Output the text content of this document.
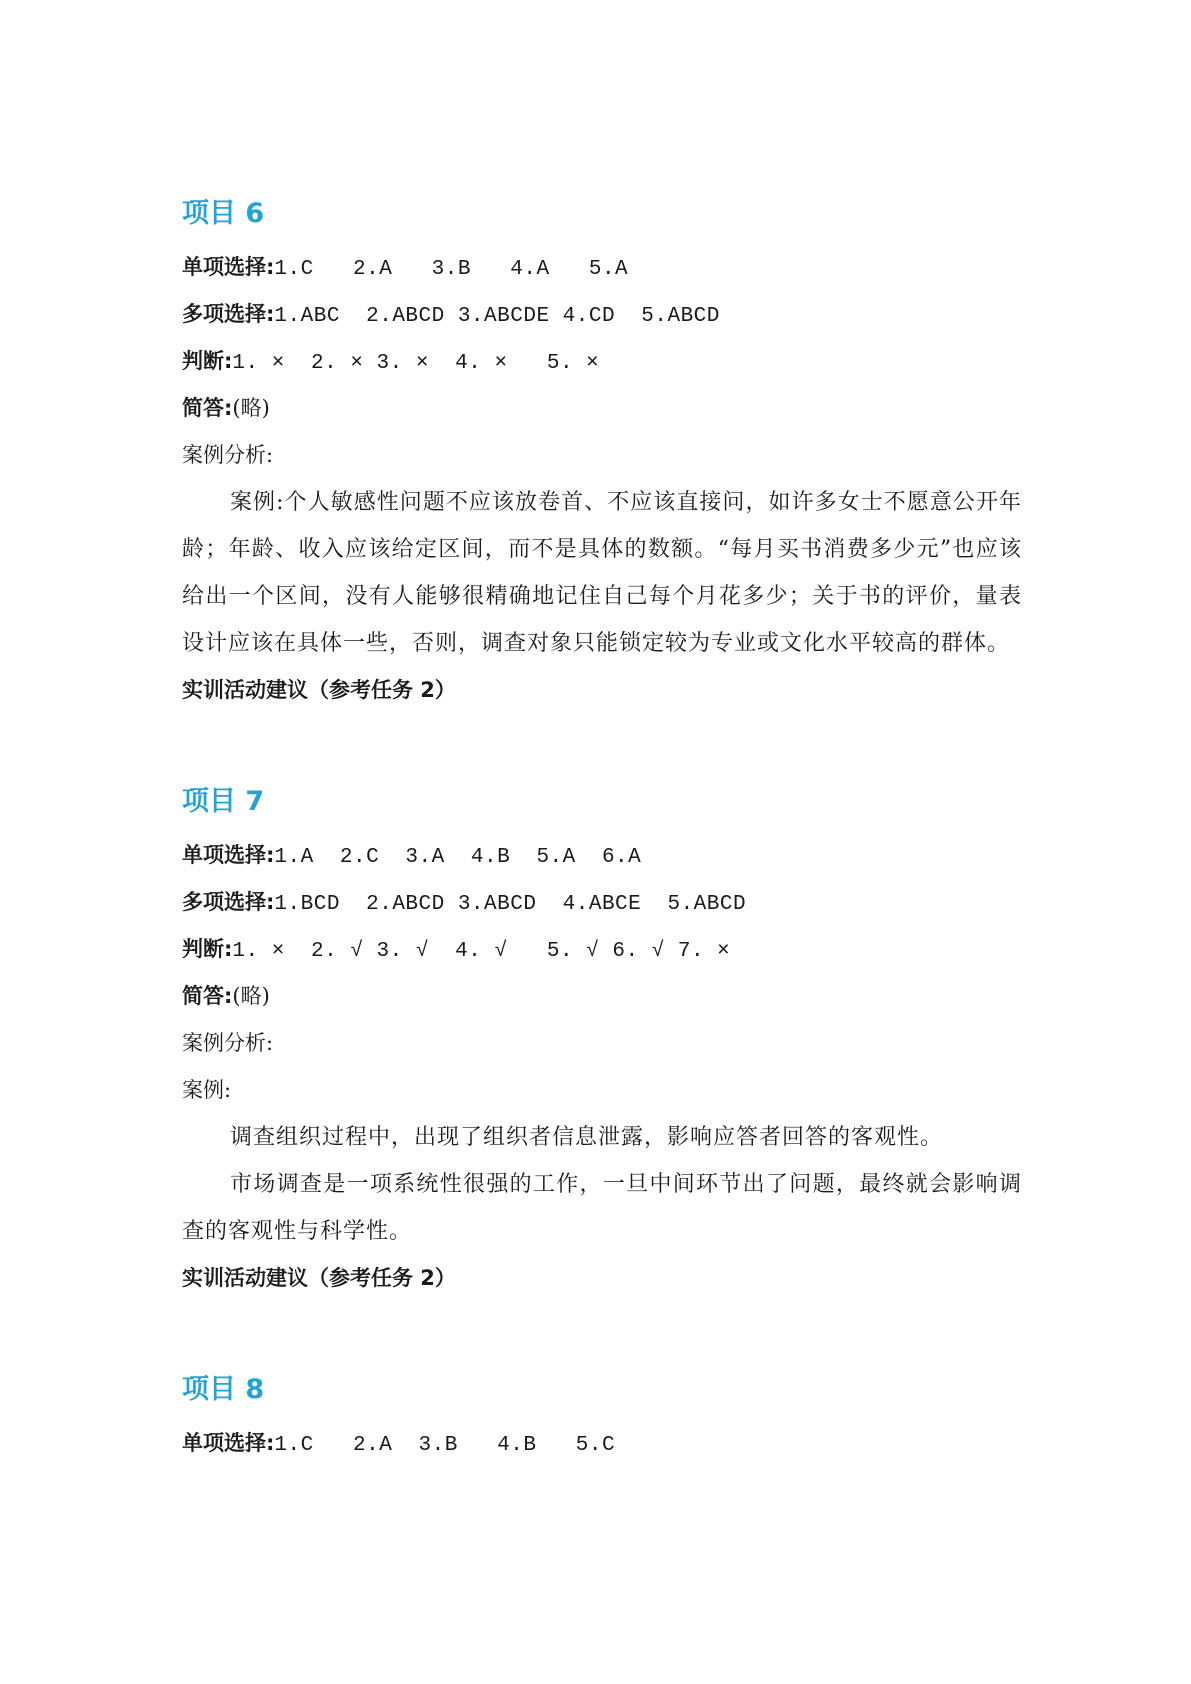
项目 6
单项选择:1.C   2.A   3.B   4.A   5.A
多项选择:1.ABC  2.ABCD 3.ABCDE 4.CD  5.ABCD
判断:1. ×  2. × 3. ×  4. ×   5. ×
简答:(略)

案例分析:

案例:个人敏感性问题不应该放卷首、不应该直接问，如许多女士不愿意公开年龄；年龄、收入应该给定区间，而不是具体的数额。“每月买书消费多少元”也应该给出一个区间，没有人能够很精确地记住自己每个月花多少；关于书的评价，量表设计应该在具体一些，否则，调查对象只能锁定较为专业或文化水平较高的群体。

实训活动建议（参考任务 2）

项目 7
单项选择:1.A  2.C  3.A  4.B  5.A  6.A
多项选择:1.BCD  2.ABCD 3.ABCD  4.ABCE  5.ABCD
判断:1. ×  2. √ 3. √  4. √   5. √ 6. √ 7. ×
简答:(略)

案例分析:

案例:

调查组织过程中，出现了组织者信息泄露，影响应答者回答的客观性。

市场调查是一项系统性很强的工作，一旦中间环节出了问题，最终就会影响调查的客观性与科学性。

实训活动建议（参考任务 2）

项目 8
单项选择:1.C   2.A  3.B   4.B   5.C
